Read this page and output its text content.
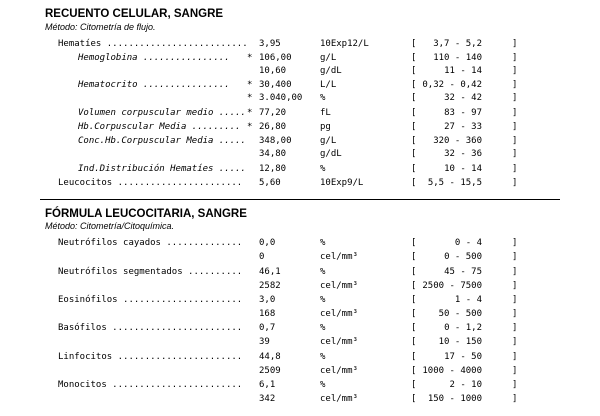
RECUENTO CELULAR, SANGRE
Método: Citometría de flujo.
Hematíes .......................... 3,95	10Exp12/L	[ 3,7 - 5,2	]
Hemoglobina ................ * 106,00	g/L	[ 110 - 140	]
10,60	g/dL	[	11 - 14	]
Hematocrito ................ * 30,400	L/L	[ 0,32 - 0,42	]
* 3.040,00 %	[	32 - 42	]
Volumen corpuscular medio ..... * 77,20	fL	[	83 - 97	]
Hb.Corpuscular Media ......... * 26,80	pg	[	27 - 33	]
Conc.Hb.Corpuscular Media ..... 348,00	g/L	[ 320 - 360	]
34,80	g/dL	[	32 - 36	]
Ind.Distribución Hematíes ..... 12,80	%	[	10 - 14	]
Leucocitos ....................... 5,60	10Exp9/L	[ 5,5 - 15,5	]
FÓRMULA LEUCOCITARIA, SANGRE
Método: Citometría/Citoquímica.
Neutrófilos cayados .............. 0,0	%	[	0 - 4	]
0	cel/mm³	[	0 - 500	]
Neutrófilos segmentados .......... 46,1	%	[	45 - 75	]
2582	cel/mm³	[ 2500 - 7500	]
Eosinófilos ...................... 3,0	%	[	1 - 4	]
168	cel/mm³	[ 50 - 500	]
Basófilos ........................ 0,7	%	[	0 - 1,2	]
39	cel/mm³	[ 10 - 150	]
Linfocitos ....................... 44,8	%	[	17 - 50	]
2509	cel/mm³	[ 1000 - 4000	]
Monocitos ........................ 6,1	%	[	2 - 10	]
342	cel/mm³	[ 150 - 1000	]
